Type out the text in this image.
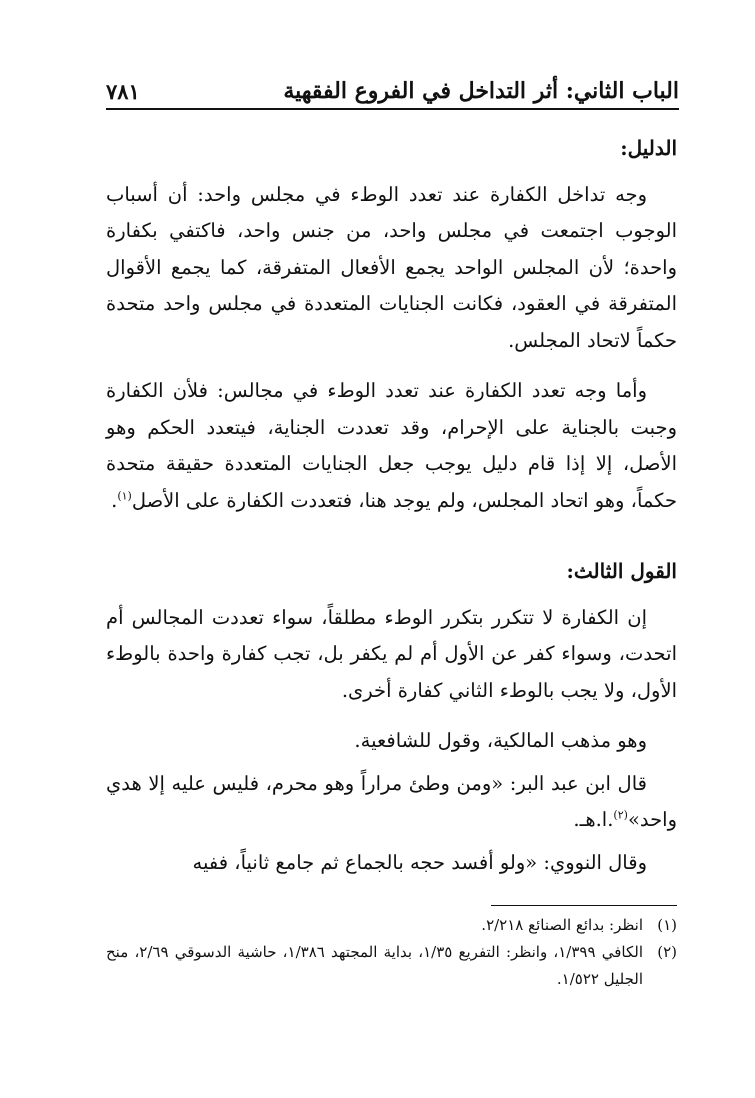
الباب الثاني: أثر التداخل في الفروع الفقهية
٧٨١
الدليل:

وجه تداخل الكفارة عند تعدد الوطء في مجلس واحد: أن أسباب الوجوب اجتمعت في مجلس واحد، من جنس واحد، فاكتفي بكفارة واحدة؛ لأن المجلس الواحد يجمع الأفعال المتفرقة، كما يجمع الأقوال المتفرقة في العقود، فكانت الجنايات المتعددة في مجلس واحد متحدة حكماً لاتحاد المجلس.

وأما وجه تعدد الكفارة عند تعدد الوطء في مجالس: فلأن الكفارة وجبت بالجناية على الإحرام، وقد تعددت الجناية، فيتعدد الحكم وهو الأصل، إلا إذا قام دليل يوجب جعل الجنايات المتعددة حقيقة متحدة حكماً، وهو اتحاد المجلس، ولم يوجد هنا، فتعددت الكفارة على الأصل$^{(١)}$.

القول الثالث:

إن الكفارة لا تتكرر بتكرر الوطء مطلقاً، سواء تعددت المجالس أم اتحدت، وسواء كفر عن الأول أم لم يكفر بل، تجب كفارة واحدة بالوطء الأول، ولا يجب بالوطء الثاني كفارة أخرى.

وهو مذهب المالكية، وقول للشافعية.

قال ابن عبد البر: «ومن وطئ مراراً وهو محرم، فليس عليه إلا هدي واحد»$^{(٢)}$.ا.هـ.

وقال النووي: «ولو أفسد حجه بالجماع ثم جامع ثانياً، ففيه

(١)
انظر: بدائع الصنائع ٢/٢١٨.
(٢)
الكافي ١/٣٩٩، وانظر: التفريع ١/٣٥، بداية المجتهد ١/٣٨٦، حاشية الدسوقي ٢/٦٩، منح الجليل ١/٥٢٢.
